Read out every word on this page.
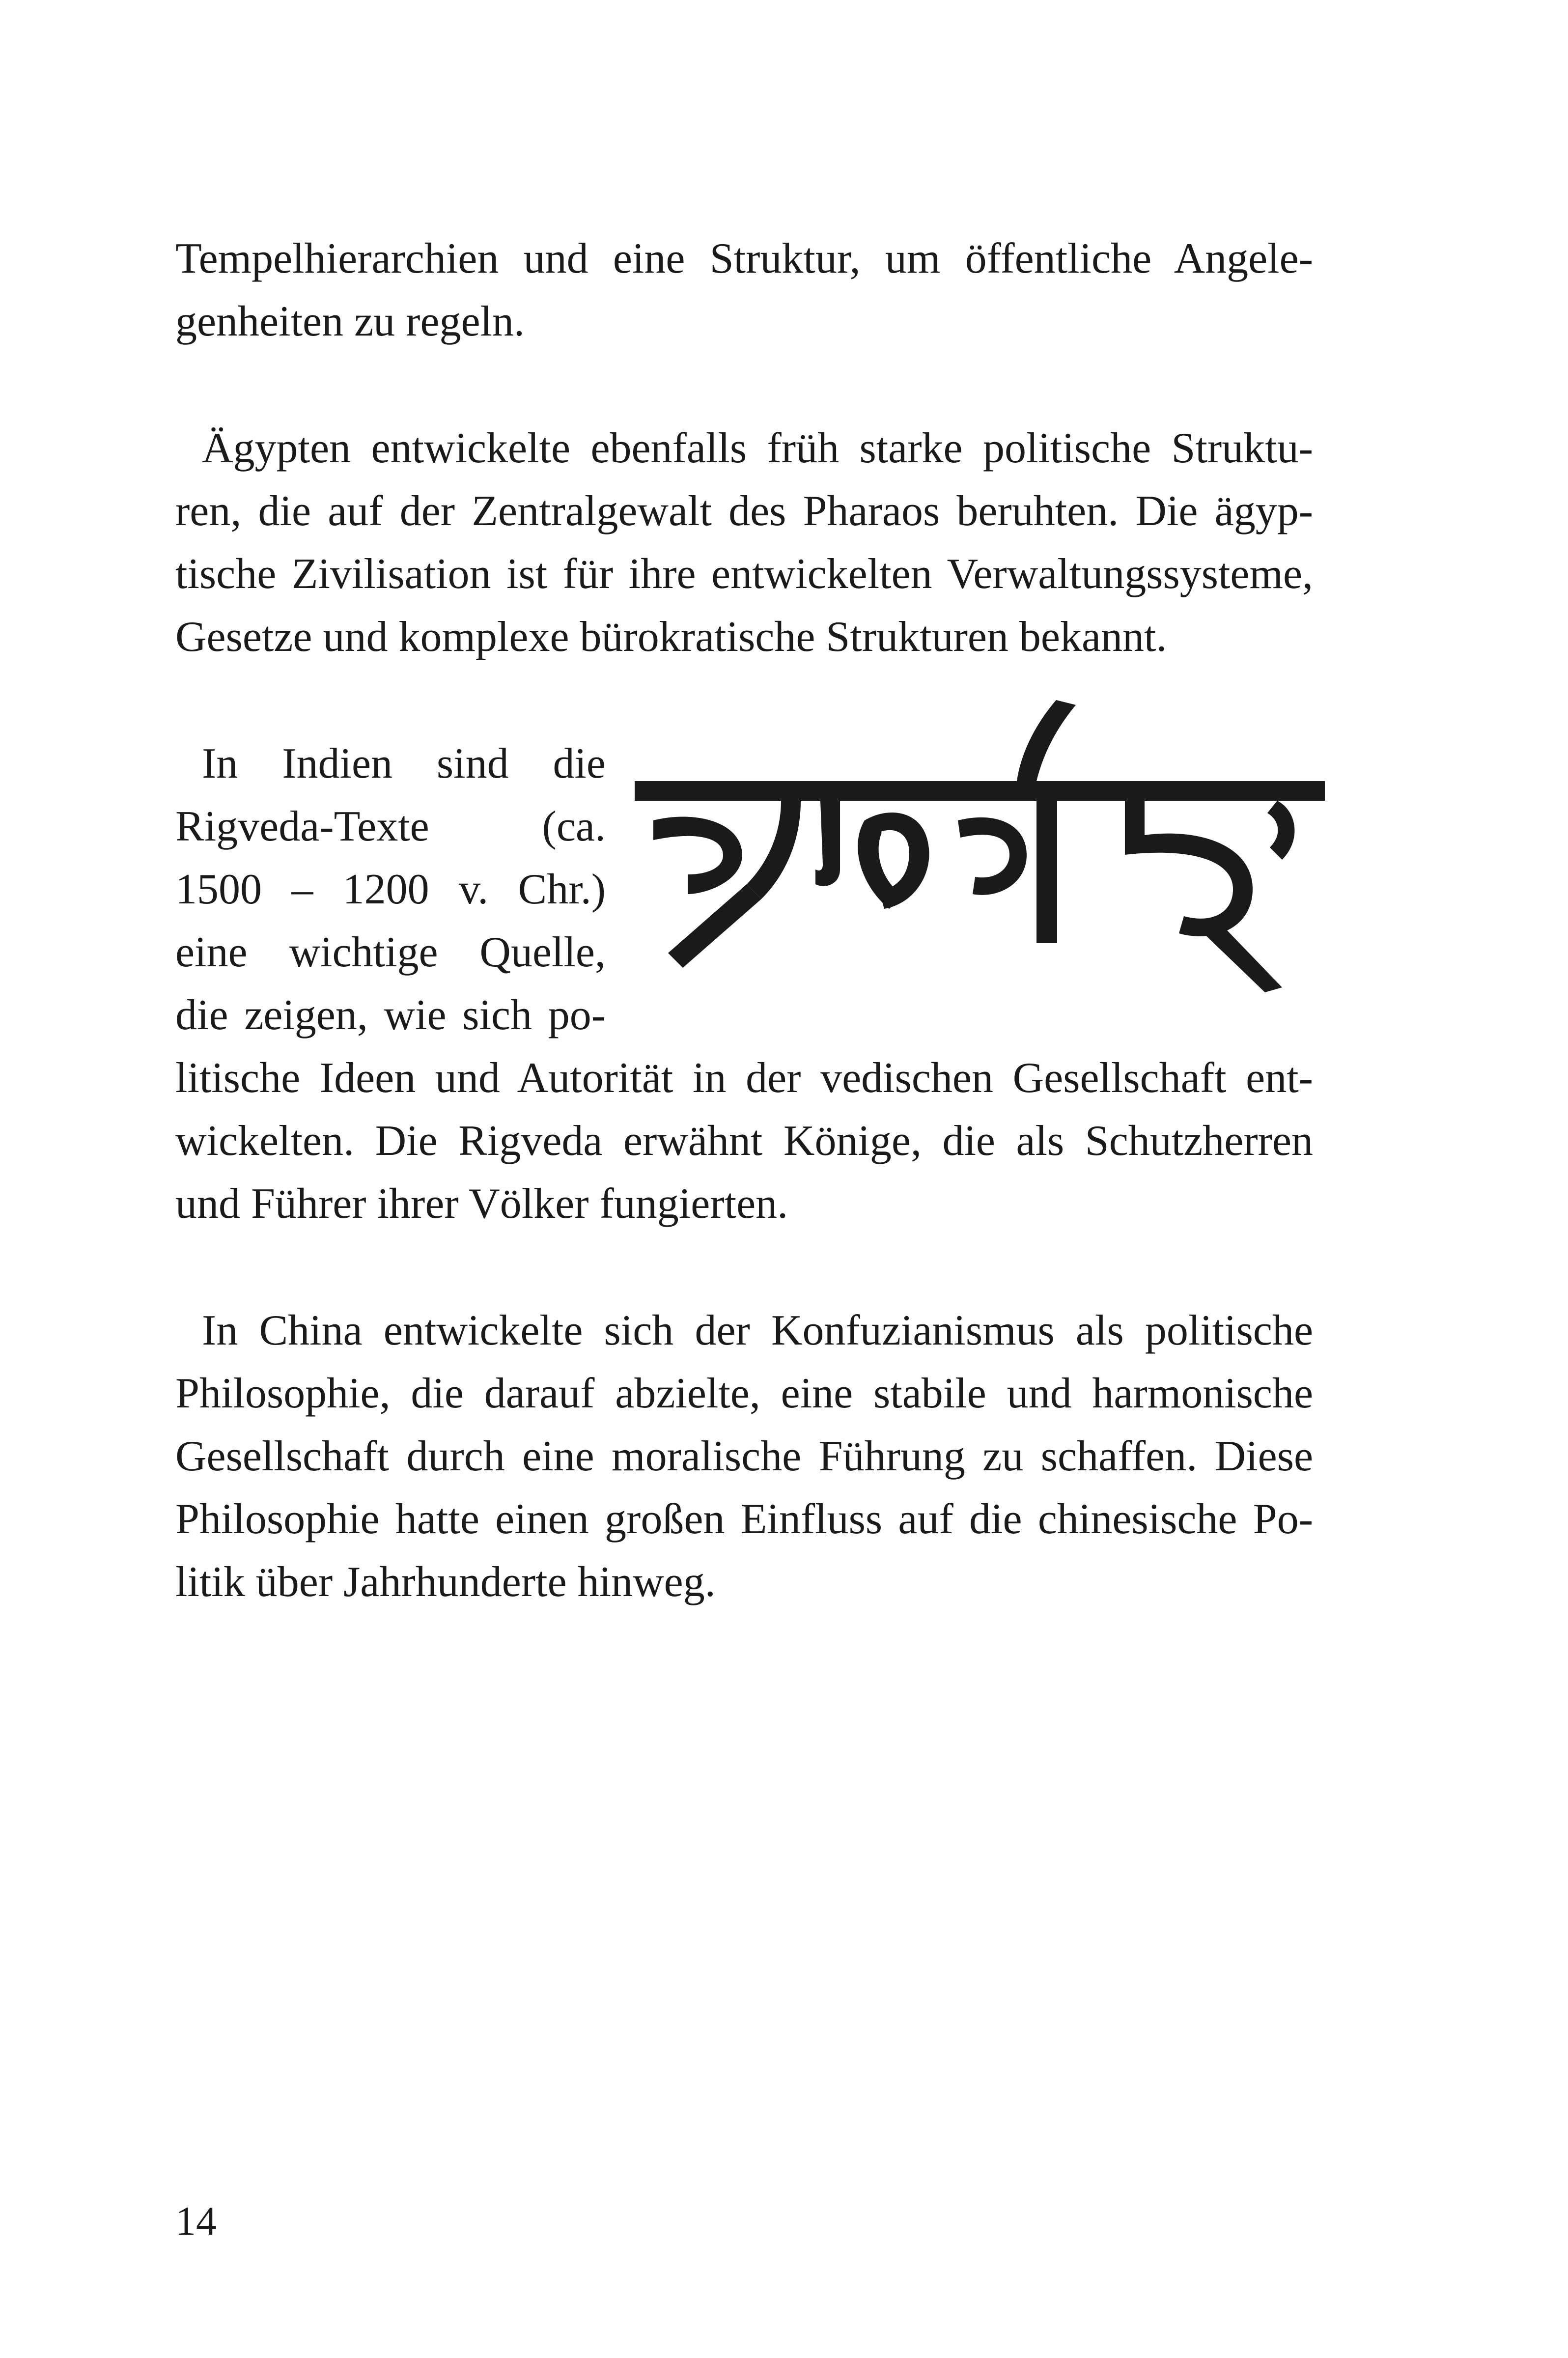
Tempelhierarchien und eine Struktur, um öffentliche Angele-

genheiten zu regeln.

Ägypten entwickelte ebenfalls früh starke politische Struktu-

ren, die auf der Zentralgewalt des Pharaos beruhten. Die ägyp-

tische Zivilisation ist für ihre entwickelten Verwaltungssysteme,

Gesetze und komplexe bürokratische Strukturen bekannt.

In Indien sind die

Rigveda-Texte (ca.

1500 – 1200 v. Chr.)

eine wichtige Quelle,

die zeigen, wie sich po-

litische Ideen und Autorität in der vedischen Gesellschaft ent-

wickelten. Die Rigveda erwähnt Könige, die als Schutzherren

und Führer ihrer Völker fungierten.

In China entwickelte sich der Konfuzianismus als politische

Philosophie, die darauf abzielte, eine stabile und harmonische

Gesellschaft durch eine moralische Führung zu schaffen. Diese

Philosophie hatte einen großen Einfluss auf die chinesische Po-

litik über Jahrhunderte hinweg.

14
